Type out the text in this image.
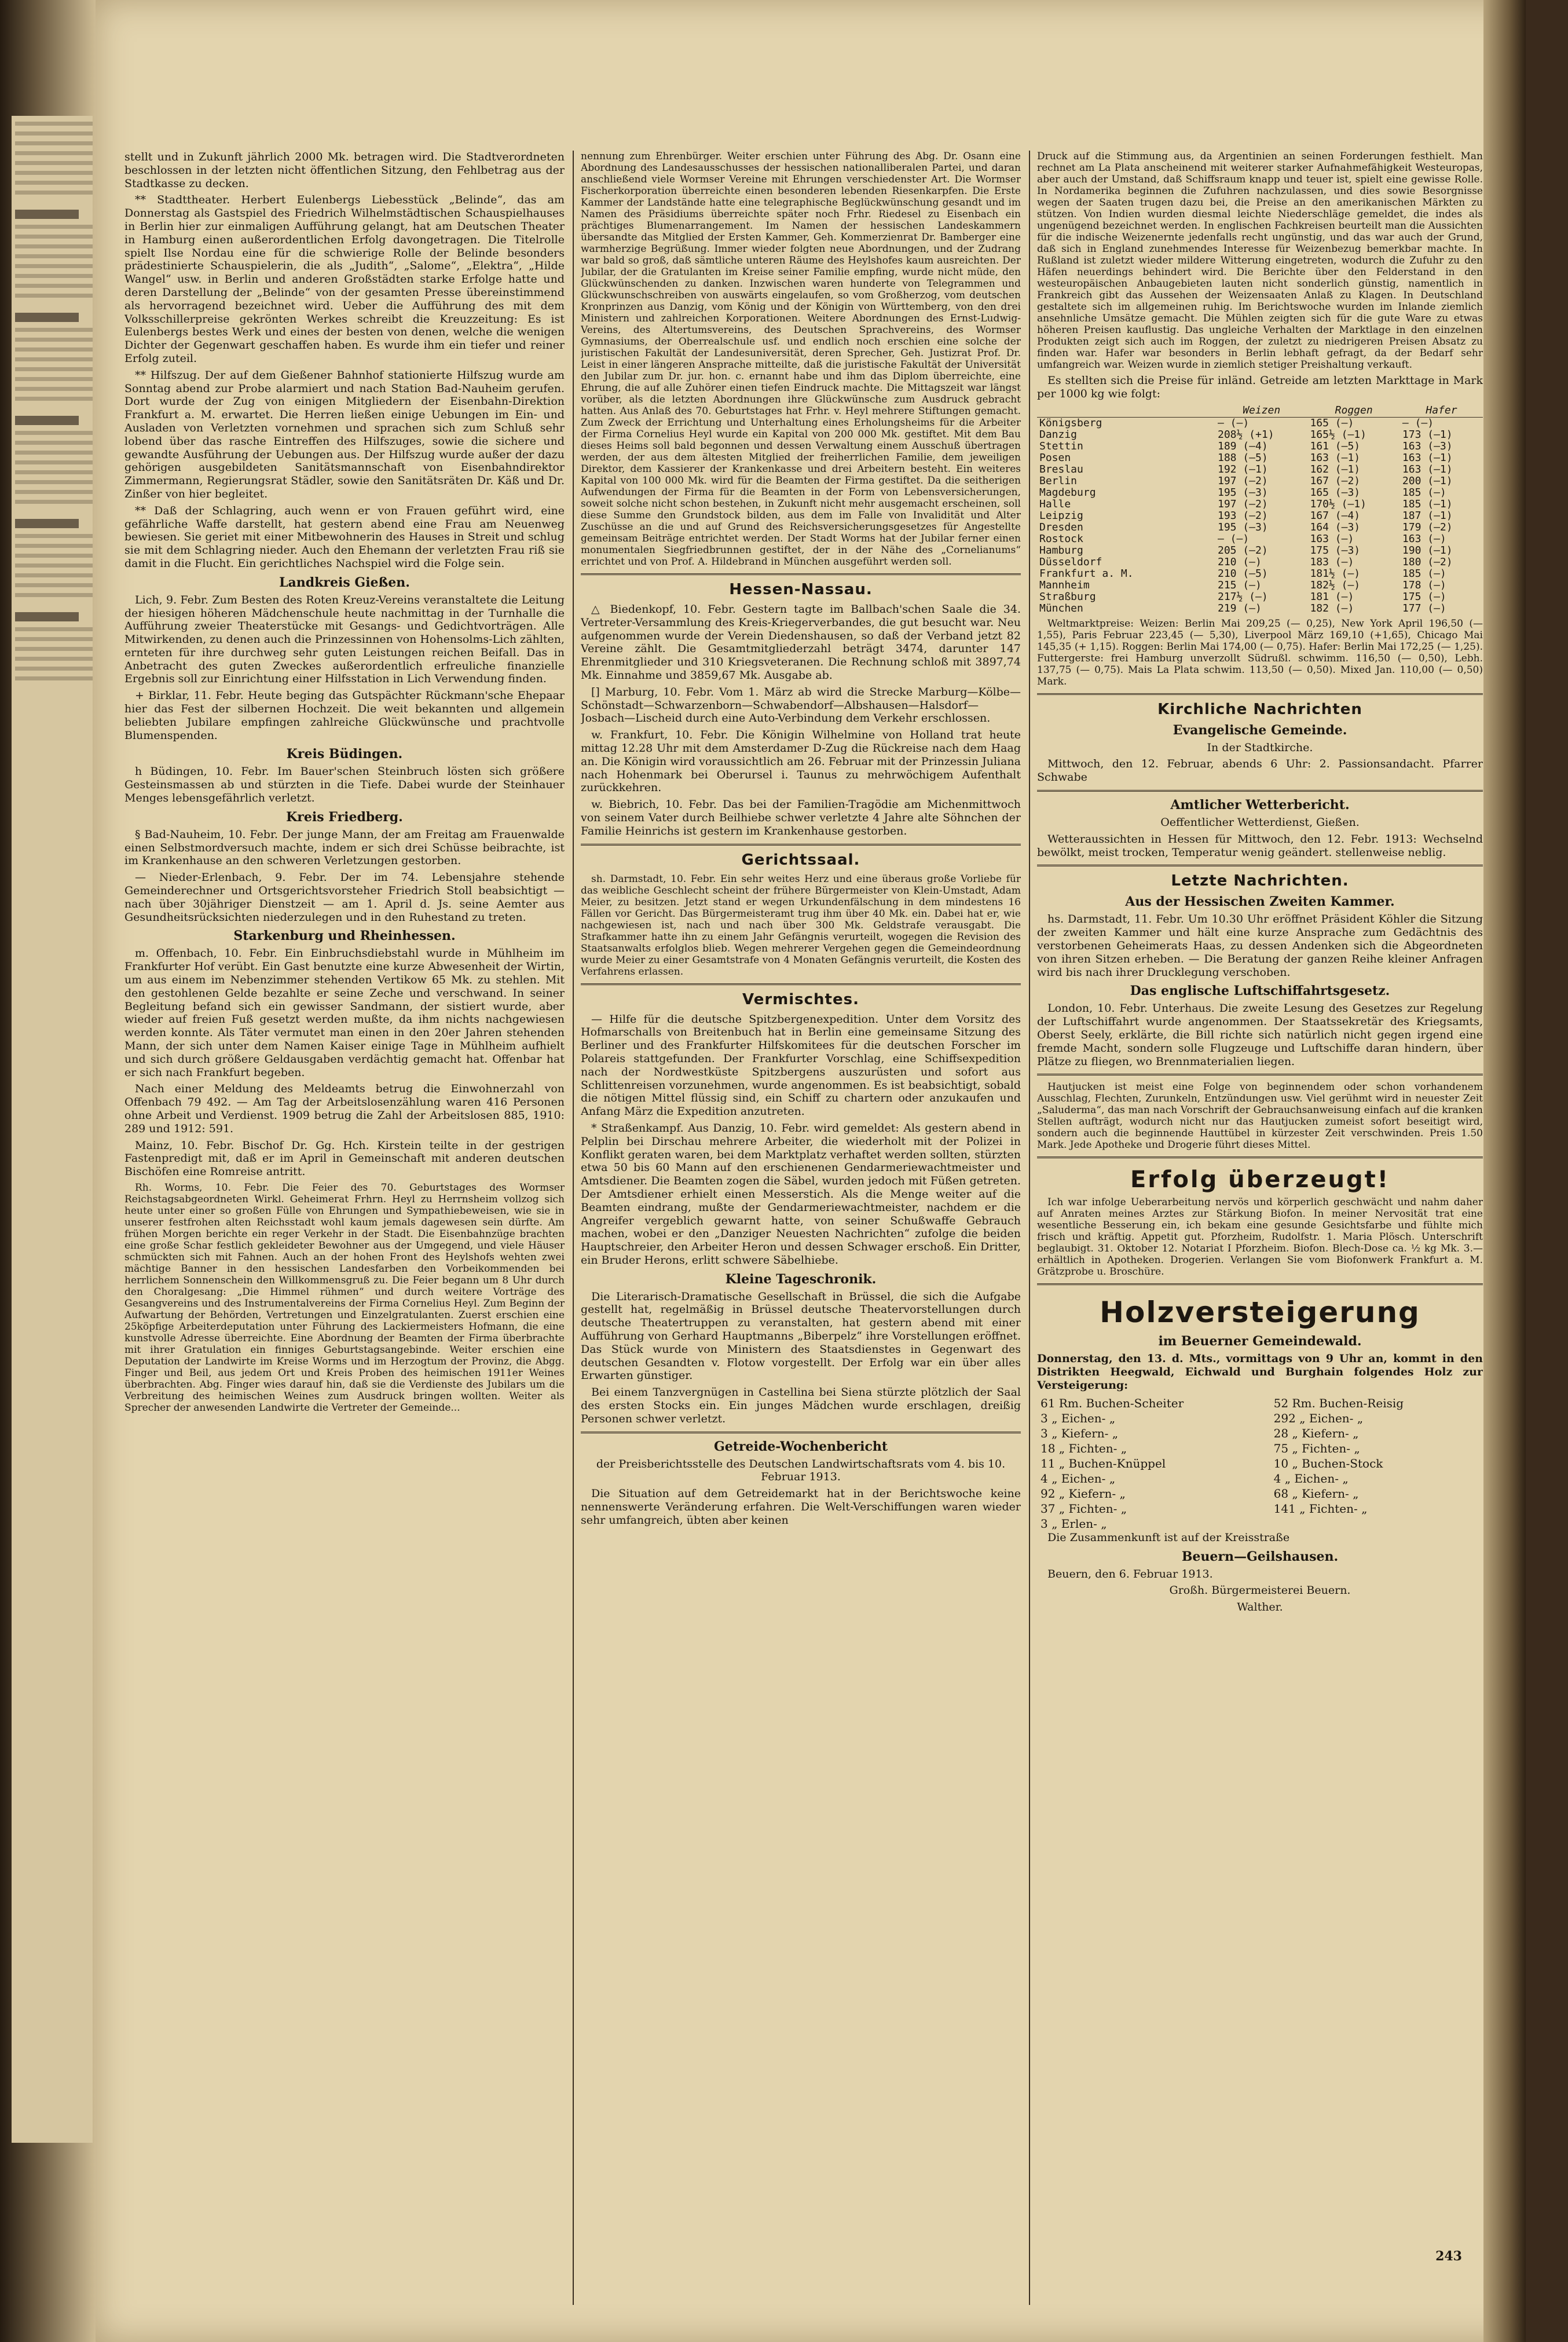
stellt und in Zukunft jährlich 2000 Mk. betragen wird. Die Stadtverordneten beschlossen in der letzten nicht öffentlichen Sitzung, den Fehlbetrag aus der Stadtkasse zu decken.

** Stadttheater. Herbert Eulenbergs Liebesstück „Belinde“, das am Donnerstag als Gastspiel des Friedrich Wilhelmstädtischen Schauspielhauses in Berlin hier zur einmaligen Aufführung gelangt, hat am Deutschen Theater in Hamburg einen außerordentlichen Erfolg davongetragen. Die Titelrolle spielt Ilse Nordau eine für die schwierige Rolle der Belinde besonders prädestinierte Schauspielerin, die als „Judith“, „Salome“, „Elektra“, „Hilde Wangel“ usw. in Berlin und anderen Großstädten starke Erfolge hatte und deren Darstellung der „Belinde“ von der gesamten Presse übereinstimmend als hervorragend bezeichnet wird. Ueber die Aufführung des mit dem Volksschillerpreise gekrönten Werkes schreibt die Kreuzzeitung: Es ist Eulenbergs bestes Werk und eines der besten von denen, welche die wenigen Dichter der Gegenwart geschaffen haben. Es wurde ihm ein tiefer und reiner Erfolg zuteil.

** Hilfszug. Der auf dem Gießener Bahnhof stationierte Hilfszug wurde am Sonntag abend zur Probe alarmiert und nach Station Bad-Nauheim gerufen. Dort wurde der Zug von einigen Mitgliedern der Eisenbahn-Direktion Frankfurt a. M. erwartet. Die Herren ließen einige Uebungen im Ein- und Ausladen von Verletzten vornehmen und sprachen sich zum Schluß sehr lobend über das rasche Eintreffen des Hilfszuges, sowie die sichere und gewandte Ausführung der Uebungen aus. Der Hilfszug wurde außer der dazu gehörigen ausgebildeten Sanitätsmannschaft von Eisenbahndirektor Zimmermann, Regierungsrat Städler, sowie den Sanitätsräten Dr. Käß und Dr. Zinßer von hier begleitet.

** Daß der Schlagring, auch wenn er von Frauen geführt wird, eine gefährliche Waffe darstellt, hat gestern abend eine Frau am Neuenweg bewiesen. Sie geriet mit einer Mitbewohnerin des Hauses in Streit und schlug sie mit dem Schlagring nieder. Auch den Ehemann der verletzten Frau riß sie damit in die Flucht. Ein gerichtliches Nachspiel wird die Folge sein.

Landkreis Gießen.

Lich, 9. Febr. Zum Besten des Roten Kreuz-Vereins veranstaltete die Leitung der hiesigen höheren Mädchenschule heute nachmittag in der Turnhalle die Aufführung zweier Theaterstücke mit Gesangs- und Gedichtvorträgen. Alle Mitwirkenden, zu denen auch die Prinzessinnen von Hohensolms-Lich zählten, ernteten für ihre durchweg sehr guten Leistungen reichen Beifall. Das in Anbetracht des guten Zweckes außerordentlich erfreuliche finanzielle Ergebnis soll zur Einrichtung einer Hilfsstation in Lich Verwendung finden.

+ Birklar, 11. Febr. Heute beging das Gutspächter Rückmann'sche Ehepaar hier das Fest der silbernen Hochzeit. Die weit bekannten und allgemein beliebten Jubilare empfingen zahlreiche Glückwünsche und prachtvolle Blumenspenden.

Kreis Büdingen.

h Büdingen, 10. Febr. Im Bauer'schen Steinbruch lösten sich größere Gesteinsmassen ab und stürzten in die Tiefe. Dabei wurde der Steinhauer Menges lebensgefährlich verletzt.

Kreis Friedberg.

§ Bad-Nauheim, 10. Febr. Der junge Mann, der am Freitag am Frauenwalde einen Selbstmordversuch machte, indem er sich drei Schüsse beibrachte, ist im Krankenhause an den schweren Verletzungen gestorben.

— Nieder-Erlenbach, 9. Febr. Der im 74. Lebensjahre stehende Gemeinderechner und Ortsgerichtsvorsteher Friedrich Stoll beabsichtigt — nach über 30jähriger Dienstzeit — am 1. April d. Js. seine Aemter aus Gesundheitsrücksichten niederzulegen und in den Ruhestand zu treten.

Starkenburg und Rheinhessen.

m. Offenbach, 10. Febr. Ein Einbruchsdiebstahl wurde in Mühlheim im Frankfurter Hof verübt. Ein Gast benutzte eine kurze Abwesenheit der Wirtin, um aus einem im Nebenzimmer stehenden Vertikow 65 Mk. zu stehlen. Mit den gestohlenen Gelde bezahlte er seine Zeche und verschwand. In seiner Begleitung befand sich ein gewisser Sandmann, der sistiert wurde, aber wieder auf freien Fuß gesetzt werden mußte, da ihm nichts nachgewiesen werden konnte. Als Täter vermutet man einen in den 20er Jahren stehenden Mann, der sich unter dem Namen Kaiser einige Tage in Mühlheim aufhielt und sich durch größere Geldausgaben verdächtig gemacht hat. Offenbar hat er sich nach Frankfurt begeben.

Nach einer Meldung des Meldeamts betrug die Einwohnerzahl von Offenbach 79 492. — Am Tag der Arbeitslosenzählung waren 416 Personen ohne Arbeit und Verdienst. 1909 betrug die Zahl der Arbeitslosen 885, 1910: 289 und 1912: 591.

Mainz, 10. Febr. Bischof Dr. Gg. Hch. Kirstein teilte in der gestrigen Fastenpredigt mit, daß er im April in Gemeinschaft mit anderen deutschen Bischöfen eine Romreise antritt.

Rh. Worms, 10. Febr. Die Feier des 70. Geburtstages des Wormser Reichstagsabgeordneten Wirkl. Geheimerat Frhrn. Heyl zu Herrnsheim vollzog sich heute unter einer so großen Fülle von Ehrungen und Sympathiebeweisen, wie sie in unserer festfrohen alten Reichsstadt wohl kaum jemals dagewesen sein dürfte. Am frühen Morgen berichte ein reger Verkehr in der Stadt. Die Eisenbahnzüge brachten eine große Schar festlich gekleideter Bewohner aus der Umgegend, und viele Häuser schmückten sich mit Fahnen. Auch an der hohen Front des Heylshofs wehten zwei mächtige Banner in den hessischen Landesfarben den Vorbeikommenden bei herrlichem Sonnenschein den Willkommensgruß zu. Die Feier begann um 8 Uhr durch den Choralgesang: „Die Himmel rühmen“ und durch weitere Vorträge des Gesangvereins und des Instrumentalvereins der Firma Cornelius Heyl. Zum Beginn der Aufwartung der Behörden, Vertretungen und Einzelgratulanten. Zuerst erschien eine 25köpfige Arbeiterdeputation unter Führung des Lackiermeisters Hofmann, die eine kunstvolle Adresse überreichte. Eine Abordnung der Beamten der Firma überbrachte mit ihrer Gratulation ein finniges Geburtstagsangebinde. Weiter erschien eine Deputation der Landwirte im Kreise Worms und im Herzogtum der Provinz, die Abgg. Finger und Beil, aus jedem Ort und Kreis Proben des heimischen 1911er Weines überbrachten. Abg. Finger wies darauf hin, daß sie die Verdienste des Jubilars um die Verbreitung des heimischen Weines zum Ausdruck bringen wollten. Weiter als Sprecher der anwesenden Landwirte die Vertreter der Gemeinde...

nennung zum Ehrenbürger. Weiter erschien unter Führung des Abg. Dr. Osann eine Abordnung des Landesausschusses der hessischen nationalliberalen Partei, und daran anschließend viele Wormser Vereine mit Ehrungen verschiedenster Art. Die Wormser Fischerkorporation überreichte einen besonderen lebenden Riesenkarpfen. Die Erste Kammer der Landstände hatte eine telegraphische Beglückwünschung gesandt und im Namen des Präsidiums überreichte später noch Frhr. Riedesel zu Eisenbach ein prächtiges Blumenarrangement. Im Namen der hessischen Landeskammern übersandte das Mitglied der Ersten Kammer, Geh. Kommerzienrat Dr. Bamberger eine warmherzige Begrüßung. Immer wieder folgten neue Abordnungen, und der Zudrang war bald so groß, daß sämtliche unteren Räume des Heylshofes kaum ausreichten. Der Jubilar, der die Gratulanten im Kreise seiner Familie empfing, wurde nicht müde, den Glückwünschenden zu danken. Inzwischen waren hunderte von Telegrammen und Glückwunschschreiben von auswärts eingelaufen, so vom Großherzog, vom deutschen Kronprinzen aus Danzig, vom König und der Königin von Württemberg, von den drei Ministern und zahlreichen Korporationen. Weitere Abordnungen des Ernst-Ludwig-Vereins, des Altertumsvereins, des Deutschen Sprachvereins, des Wormser Gymnasiums, der Oberrealschule usf. und endlich noch erschien eine solche der juristischen Fakultät der Landesuniversität, deren Sprecher, Geh. Justizrat Prof. Dr. Leist in einer längeren Ansprache mitteilte, daß die juristische Fakultät der Universität den Jubilar zum Dr. jur. hon. c. ernannt habe und ihm das Diplom überreichte, eine Ehrung, die auf alle Zuhörer einen tiefen Eindruck machte. Die Mittagszeit war längst vorüber, als die letzten Abordnungen ihre Glückwünsche zum Ausdruck gebracht hatten. Aus Anlaß des 70. Geburtstages hat Frhr. v. Heyl mehrere Stiftungen gemacht. Zum Zweck der Errichtung und Unterhaltung eines Erholungsheims für die Arbeiter der Firma Cornelius Heyl wurde ein Kapital von 200 000 Mk. gestiftet. Mit dem Bau dieses Heims soll bald begonnen und dessen Verwaltung einem Ausschuß übertragen werden, der aus dem ältesten Mitglied der freiherrlichen Familie, dem jeweiligen Direktor, dem Kassierer der Krankenkasse und drei Arbeitern besteht. Ein weiteres Kapital von 100 000 Mk. wird für die Beamten der Firma gestiftet. Da die seitherigen Aufwendungen der Firma für die Beamten in der Form von Lebensversicherungen, soweit solche nicht schon bestehen, in Zukunft nicht mehr ausgemacht erscheinen, soll diese Summe den Grundstock bilden, aus dem im Falle von Invalidität und Alter Zuschüsse an die und auf Grund des Reichsversicherungsgesetzes für Angestellte gemeinsam Beiträge entrichtet werden. Der Stadt Worms hat der Jubilar ferner einen monumentalen Siegfriedbrunnen gestiftet, der in der Nähe des „Cornelianums“ errichtet und von Prof. A. Hildebrand in München ausgeführt werden soll.

Hessen-Nassau.

△ Biedenkopf, 10. Febr. Gestern tagte im Ballbach'schen Saale die 34. Vertreter-Versammlung des Kreis-Kriegerverbandes, die gut besucht war. Neu aufgenommen wurde der Verein Diedenshausen, so daß der Verband jetzt 82 Vereine zählt. Die Gesamtmitgliederzahl beträgt 3474, darunter 147 Ehrenmitglieder und 310 Kriegsveteranen. Die Rechnung schloß mit 3897,74 Mk. Einnahme und 3859,67 Mk. Ausgabe ab.

[] Marburg, 10. Febr. Vom 1. März ab wird die Strecke Marburg—Kölbe—Schönstadt—Schwarzenborn—Schwabendorf—Albshausen—Halsdorf—Josbach—Lischeid durch eine Auto-Verbindung dem Verkehr erschlossen.

w. Frankfurt, 10. Febr. Die Königin Wilhelmine von Holland trat heute mittag 12.28 Uhr mit dem Amsterdamer D-Zug die Rückreise nach dem Haag an. Die Königin wird voraussichtlich am 26. Februar mit der Prinzessin Juliana nach Hohenmark bei Oberursel i. Taunus zu mehrwöchigem Aufenthalt zurückkehren.

w. Biebrich, 10. Febr. Das bei der Familien-Tragödie am Michenmittwoch von seinem Vater durch Beilhiebe schwer verletzte 4 Jahre alte Söhnchen der Familie Heinrichs ist gestern im Krankenhause gestorben.

Gerichtssaal.

sh. Darmstadt, 10. Febr. Ein sehr weites Herz und eine überaus große Vorliebe für das weibliche Geschlecht scheint der frühere Bürgermeister von Klein-Umstadt, Adam Meier, zu besitzen. Jetzt stand er wegen Urkundenfälschung in dem mindestens 16 Fällen vor Gericht. Das Bürgermeisteramt trug ihm über 40 Mk. ein. Dabei hat er, wie nachgewiesen ist, nach und nach über 300 Mk. Geldstrafe verausgabt. Die Strafkammer hatte ihn zu einem Jahr Gefängnis verurteilt, wogegen die Revision des Staatsanwalts erfolglos blieb. Wegen mehrerer Vergehen gegen die Gemeindeordnung wurde Meier zu einer Gesamtstrafe von 4 Monaten Gefängnis verurteilt, die Kosten des Verfahrens erlassen.

Vermischtes.

— Hilfe für die deutsche Spitzbergenexpedition. Unter dem Vorsitz des Hofmarschalls von Breitenbuch hat in Berlin eine gemeinsame Sitzung des Berliner und des Frankfurter Hilfskomitees für die deutschen Forscher im Polareis stattgefunden. Der Frankfurter Vorschlag, eine Schiffsexpedition nach der Nordwestküste Spitzbergens auszurüsten und sofort aus Schlittenreisen vorzunehmen, wurde angenommen. Es ist beabsichtigt, sobald die nötigen Mittel flüssig sind, ein Schiff zu chartern oder anzukaufen und Anfang März die Expedition anzutreten.

* Straßenkampf. Aus Danzig, 10. Febr. wird gemeldet: Als gestern abend in Pelplin bei Dirschau mehrere Arbeiter, die wiederholt mit der Polizei in Konflikt geraten waren, bei dem Marktplatz verhaftet werden sollten, stürzten etwa 50 bis 60 Mann auf den erschienenen Gendarmeriewachtmeister und Amtsdiener. Die Beamten zogen die Säbel, wurden jedoch mit Füßen getreten. Der Amtsdiener erhielt einen Messerstich. Als die Menge weiter auf die Beamten eindrang, mußte der Gendarmeriewachtmeister, nachdem er die Angreifer vergeblich gewarnt hatte, von seiner Schußwaffe Gebrauch machen, wobei er den „Danziger Neuesten Nachrichten“ zufolge die beiden Hauptschreier, den Arbeiter Heron und dessen Schwager erschoß. Ein Dritter, ein Bruder Herons, erlitt schwere Säbelhiebe.

Kleine Tageschronik.

Die Literarisch-Dramatische Gesellschaft in Brüssel, die sich die Aufgabe gestellt hat, regelmäßig in Brüssel deutsche Theatervorstellungen durch deutsche Theatertruppen zu veranstalten, hat gestern abend mit einer Aufführung von Gerhard Hauptmanns „Biberpelz“ ihre Vorstellungen eröffnet. Das Stück wurde von Ministern des Staatsdienstes in Gegenwart des deutschen Gesandten v. Flotow vorgestellt. Der Erfolg war ein über alles Erwarten günstiger.

Bei einem Tanzvergnügen in Castellina bei Siena stürzte plötzlich der Saal des ersten Stocks ein. Ein junges Mädchen wurde erschlagen, dreißig Personen schwer verletzt.

Getreide-Wochenbericht

der Preisberichtsstelle des Deutschen Landwirtschaftsrats vom 4. bis 10. Februar 1913.

Die Situation auf dem Getreidemarkt hat in der Berichtswoche keine nennenswerte Veränderung erfahren. Die Welt-Verschiffungen waren wieder sehr umfangreich, übten aber keinen

Druck auf die Stimmung aus, da Argentinien an seinen Forderungen festhielt. Man rechnet am La Plata anscheinend mit weiterer starker Aufnahmefähigkeit Westeuropas, aber auch der Umstand, daß Schiffsraum knapp und teuer ist, spielt eine gewisse Rolle. In Nordamerika beginnen die Zufuhren nachzulassen, und dies sowie Besorgnisse wegen der Saaten trugen dazu bei, die Preise an den amerikanischen Märkten zu stützen. Von Indien wurden diesmal leichte Niederschläge gemeldet, die indes als ungenügend bezeichnet werden. In englischen Fachkreisen beurteilt man die Aussichten für die indische Weizenernte jedenfalls recht ungünstig, und das war auch der Grund, daß sich in England zunehmendes Interesse für Weizenbezug bemerkbar machte. In Rußland ist zuletzt wieder mildere Witterung eingetreten, wodurch die Zufuhr zu den Häfen neuerdings behindert wird. Die Berichte über den Felderstand in den westeuropäischen Anbaugebieten lauten nicht sonderlich günstig, namentlich in Frankreich gibt das Aussehen der Weizensaaten Anlaß zu Klagen. In Deutschland gestaltete sich im allgemeinen ruhig. Im Berichtswoche wurden im Inlande ziemlich ansehnliche Umsätze gemacht. Die Mühlen zeigten sich für die gute Ware zu etwas höheren Preisen kauflustig. Das ungleiche Verhalten der Marktlage in den einzelnen Produkten zeigt sich auch im Roggen, der zuletzt zu niedrigeren Preisen Absatz zu finden war. Hafer war besonders in Berlin lebhaft gefragt, da der Bedarf sehr umfangreich war. Weizen wurde in ziemlich stetiger Preishaltung verkauft.

Es stellten sich die Preise für inländ. Getreide am letzten Markttage in Mark per 1000 kg wie folgt:

	Weizen	Roggen	Hafer
Königsberg	— (—)	165 (—)	— (—)
Danzig	208½ (+1)	165½ (—1)	173 (—1)
Stettin	189 (—4)	161 (—5)	163 (—3)
Posen	188 (—5)	163 (—1)	163 (—1)
Breslau	192 (—1)	162 (—1)	163 (—1)
Berlin	197 (—2)	167 (—2)	200 (—1)
Magdeburg	195 (—3)	165 (—3)	185 (—)
Halle	197 (—2)	170½ (—1)	185 (—1)
Leipzig	193 (—2)	167 (—4)	187 (—1)
Dresden	195 (—3)	164 (—3)	179 (—2)
Rostock	— (—)	163 (—)	163 (—)
Hamburg	205 (—2)	175 (—3)	190 (—1)
Düsseldorf	210 (—)	183 (—)	180 (—2)
Frankfurt a. M.	210 (—5)	181½ (—)	185 (—)
Mannheim	215 (—)	182½ (—)	178 (—)
Straßburg	217½ (—)	181 (—)	175 (—)
München	219 (—)	182 (—)	177 (—)

Weltmarktpreise: Weizen: Berlin Mai 209,25 (— 0,25), New York April 196,50 (— 1,55), Paris Februar 223,45 (— 5,30), Liverpool März 169,10 (+1,65), Chicago Mai 145,35 (+ 1,15). Roggen: Berlin Mai 174,00 (— 0,75). Hafer: Berlin Mai 172,25 (— 1,25). Futtergerste: frei Hamburg unverzollt Südrußl. schwimm. 116,50 (— 0,50), Lebh. 137,75 (— 0,75). Mais La Plata schwim. 113,50 (— 0,50). Mixed Jan. 110,00 (— 0,50) Mark.

Kirchliche Nachrichten
Evangelische Gemeinde.

In der Stadtkirche.

Mittwoch, den 12. Februar, abends 6 Uhr: 2. Passionsandacht. Pfarrer Schwabe

Amtlicher Wetterbericht.

Oeffentlicher Wetterdienst, Gießen.

Wetteraussichten in Hessen für Mittwoch, den 12. Febr. 1913: Wechselnd bewölkt, meist trocken, Temperatur wenig geändert. stellenweise neblig.

Letzte Nachrichten.
Aus der Hessischen Zweiten Kammer.

hs. Darmstadt, 11. Febr. Um 10.30 Uhr eröffnet Präsident Köhler die Sitzung der zweiten Kammer und hält eine kurze Ansprache zum Gedächtnis des verstorbenen Geheimerats Haas, zu dessen Andenken sich die Abgeordneten von ihren Sitzen erheben. — Die Beratung der ganzen Reihe kleiner Anfragen wird bis nach ihrer Drucklegung verschoben.

Das englische Luftschiffahrtsgesetz.

London, 10. Febr. Unterhaus. Die zweite Lesung des Gesetzes zur Regelung der Luftschiffahrt wurde angenommen. Der Staatssekretär des Kriegsamts, Oberst Seely, erklärte, die Bill richte sich natürlich nicht gegen irgend eine fremde Macht, sondern solle Flugzeuge und Luftschiffe daran hindern, über Plätze zu fliegen, wo Brennmaterialien liegen.

Hautjucken ist meist eine Folge von beginnendem oder schon vorhandenem Ausschlag, Flechten, Zurunkeln, Entzündungen usw. Viel gerühmt wird in neuester Zeit „Saluderma“, das man nach Vorschrift der Gebrauchsanweisung einfach auf die kranken Stellen aufträgt, wodurch nicht nur das Hautjucken zumeist sofort beseitigt wird, sondern auch die beginnende Hauttübel in kürzester Zeit verschwinden. Preis 1.50 Mark. Jede Apotheke und Drogerie führt dieses Mittel.

Erfolg überzeugt!

Ich war infolge Ueberarbeitung nervös und körperlich geschwächt und nahm daher auf Anraten meines Arztes zur Stärkung Biofon. In meiner Nervosität trat eine wesentliche Besserung ein, ich bekam eine gesunde Gesichtsfarbe und fühlte mich frisch und kräftig. Appetit gut. Pforzheim, Rudolfstr. 1. Maria Plösch. Unterschrift beglaubigt. 31. Oktober 12. Notariat I Pforzheim. Biofon. Blech-Dose ca. ½ kg Mk. 3.— erhältlich in Apotheken. Drogerien. Verlangen Sie vom Biofonwerk Frankfurt a. M. Grätzprobe u. Broschüre.

Holzversteigerung
im Beuerner Gemeindewald.

Donnerstag, den 13. d. Mts., vormittags von 9 Uhr an, kommt in den Distrikten Heegwald, Eichwald und Burghain folgendes Holz zur Versteigerung:

61 Rm. Buchen-Scheiter	52 Rm. Buchen-Reisig
3 „ Eichen- „	292 „ Eichen- „
3 „ Kiefern- „	28 „ Kiefern- „
18 „ Fichten- „	75 „ Fichten- „
11 „ Buchen-Knüppel	10 „ Buchen-Stock
4 „ Eichen- „	4 „ Eichen- „
92 „ Kiefern- „	68 „ Kiefern- „
37 „ Fichten- „	141 „ Fichten- „
3 „ Erlen- „	

Die Zusammenkunft ist auf der Kreisstraße

Beuern—Geilshausen.

Beuern, den 6. Februar 1913.

Großh. Bürgermeisterei Beuern.

Walther.

243
